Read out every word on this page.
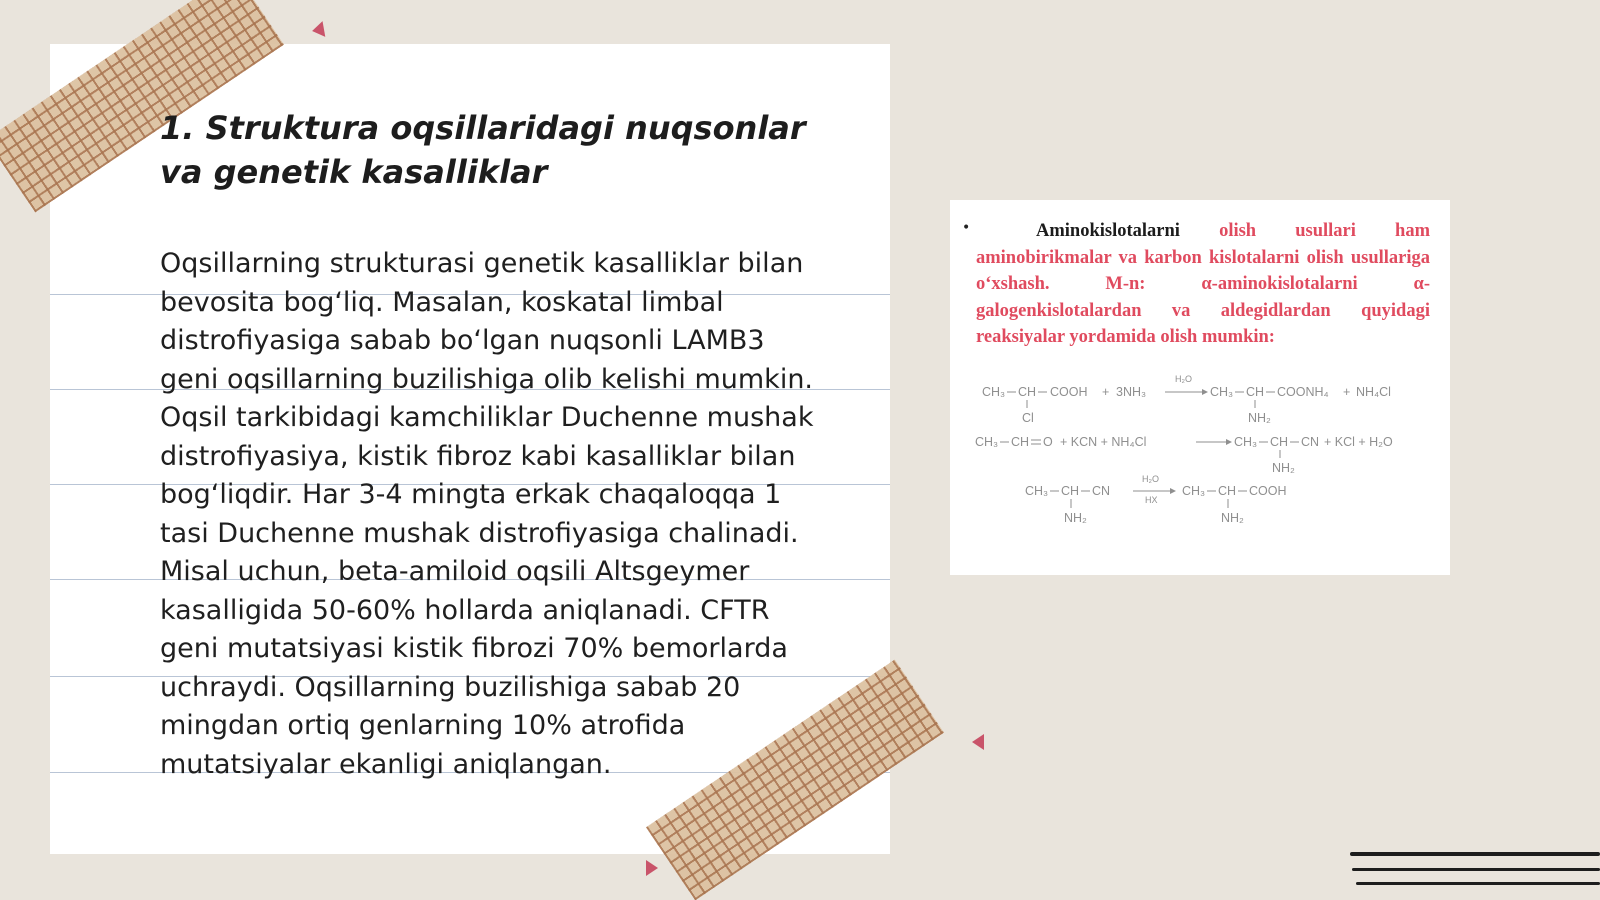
1. Struktura oqsillaridagi nuqsonlar va genetik kasalliklar

Oqsillarning strukturasi genetik kasalliklar bilan bevosita bog‘liq. Masalan, koskatal limbal distrofiyasiga sabab bo‘lgan nuqsonli LAMB3 geni oqsillarning buzilishiga olib kelishi mumkin. Oqsil tarkibidagi kamchiliklar Duchenne mushak distrofiyasiya, kistik fibroz kabi kasalliklar bilan bog‘liqdir. Har 3-4 mingta erkak chaqaloqqa 1 tasi Duchenne mushak distrofiyasiga chalinadi. Misal uchun, beta-amiloid oqsili Altsgeymer kasalligida 50-60% hollarda aniqlanadi. CFTR geni mutatsiyasi kistik fibrozi 70% bemorlarda uchraydi. Oqsillarning buzilishiga sabab 20 mingdan ortiq genlarning 10% atrofida mutatsiyalar ekanligi aniqlangan.

•	Aminokislotalarni olish usullari ham aminobirikmalar va karbon kislotalarni olish usullariga o‘xshash. M-n: α-aminokislotalarni α-galogenkislotalardan va aldegidlardan quyidagi reaksiyalar yordamida olish mumkin:

CH₃ CH COOH + 3NH₃
H₂O
CH₃ CH COONH₄ + NH₄Cl
Cl	NH₂
CH₃ CH O + KCN + NH₄Cl	CH₃ CH CN + KCl + H₂O
NH₂
CH₃ CH CN
H₂O
HX
CH₃ CH COOH
NH₂	NH₂
